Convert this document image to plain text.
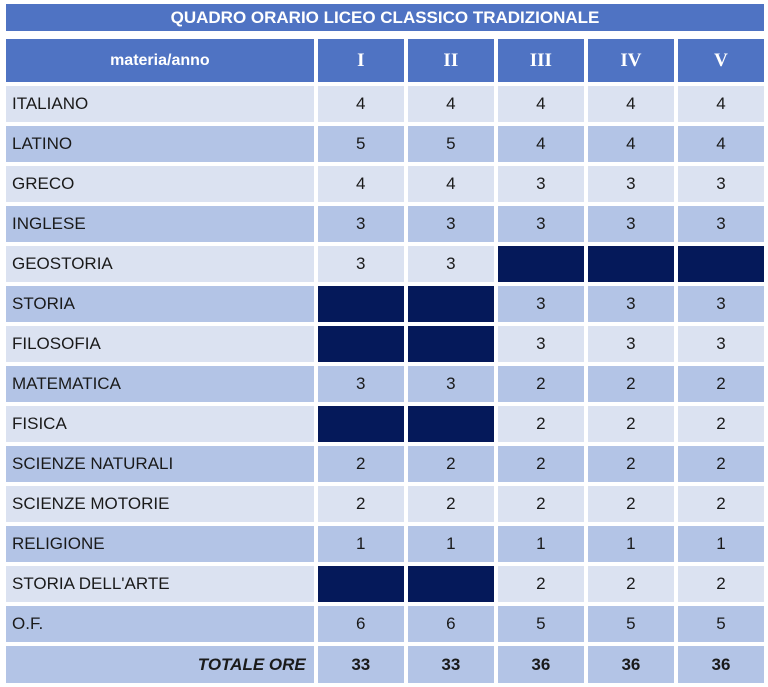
QUADRO ORARIO LICEO CLASSICO TRADIZIONALE
materia/anno	I	II	III	IV	V
ITALIANO	4	4	4	4	4
LATINO	5	5	4	4	4
GRECO	4	4	3	3	3
INGLESE	3	3	3	3	3
GEOSTORIA	3	3			
STORIA			3	3	3
FILOSOFIA			3	3	3
MATEMATICA	3	3	2	2	2
FISICA			2	2	2
SCIENZE NATURALI	2	2	2	2	2
SCIENZE MOTORIE	2	2	2	2	2
RELIGIONE	1	1	1	1	1
STORIA DELL'ARTE			2	2	2
O.F.	6	6	5	5	5
TOTALE ORE	33	33	36	36	36
